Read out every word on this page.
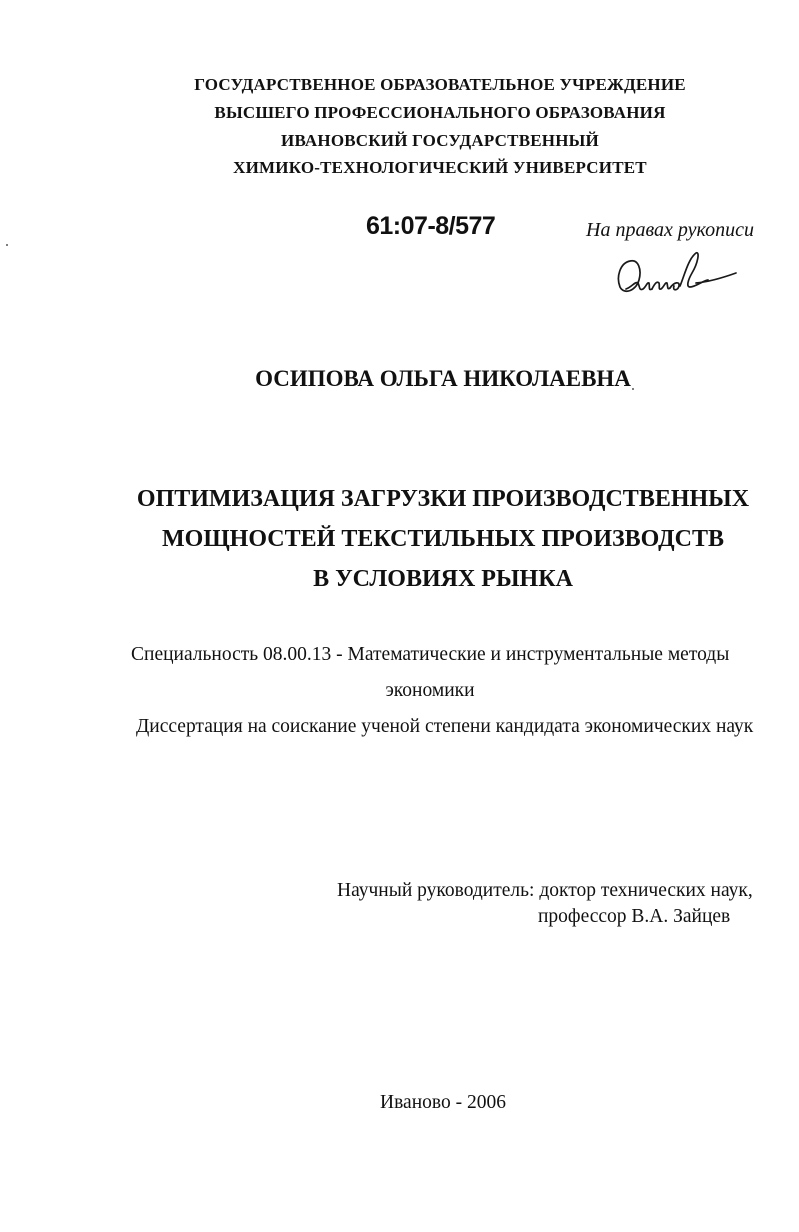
ГОСУДАРСТВЕННОЕ ОБРАЗОВАТЕЛЬНОЕ УЧРЕЖДЕНИЕ
ВЫСШЕГО ПРОФЕССИОНАЛЬНОГО ОБРАЗОВАНИЯ
ИВАНОВСКИЙ ГОСУДАРСТВЕННЫЙ
ХИМИКО-ТЕХНОЛОГИЧЕСКИЙ УНИВЕРСИТЕТ
61:07-8/577	На правах рукописи
ОСИПОВА ОЛЬГА НИКОЛАЕВНА
ОПТИМИЗАЦИЯ ЗАГРУЗКИ ПРОИЗВОДСТВЕННЫХ
МОЩНОСТЕЙ ТЕКСТИЛЬНЫХ ПРОИЗВОДСТВ
В УСЛОВИЯХ РЫНКА
Специальность 08.00.13 - Математические и инструментальные методы
экономики
Диссертация на соискание ученой степени кандидата экономических наук
Научный руководитель: доктор технических наук,
профессор В.А. Зайцев
Иваново - 2006
